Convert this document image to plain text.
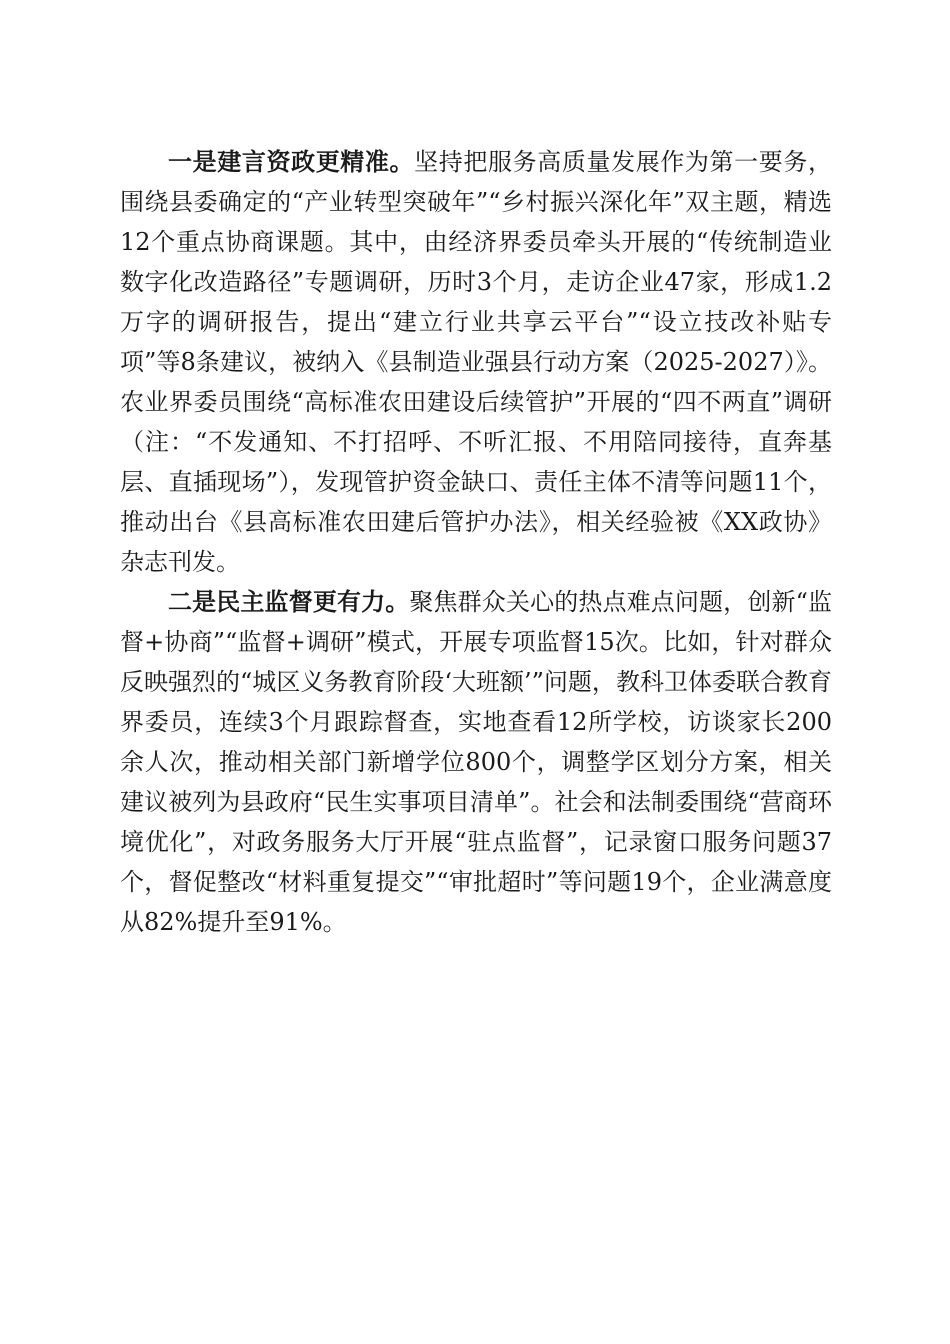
一是建言资政更精准。坚持把服务高质量发展作为第一要务，围绕县委确定的“产业转型突破年”“乡村振兴深化年”双主题，精选12个重点协商课题。其中，由经济界委员牵头开展的“传统制造业数字化改造路径”专题调研，历时3个月，走访企业47家，形成1.2万字的调研报告，提出“建立行业共享云平台”“设立技改补贴专项”等8条建议，被纳入《县制造业强县行动方案（2025-2027）》。农业界委员围绕“高标准农田建设后续管护”开展的“四不两直”调研（注：“不发通知、不打招呼、不听汇报、不用陪同接待，直奔基层、直插现场”），发现管护资金缺口、责任主体不清等问题11个，推动出台《县高标准农田建后管护办法》，相关经验被《XX政协》杂志刊发。

二是民主监督更有力。聚焦群众关心的热点难点问题，创新“监督+协商”“监督+调研”模式，开展专项监督15次。比如，针对群众反映强烈的“城区义务教育阶段‘大班额’”问题，教科卫体委联合教育界委员，连续3个月跟踪督查，实地查看12所学校，访谈家长200余人次，推动相关部门新增学位800个，调整学区划分方案，相关建议被列为县政府“民生实事项目清单”。社会和法制委围绕“营商环境优化”，对政务服务大厅开展“驻点监督”，记录窗口服务问题37个，督促整改“材料重复提交”“审批超时”等问题19个，企业满意度从82%提升至91%。
